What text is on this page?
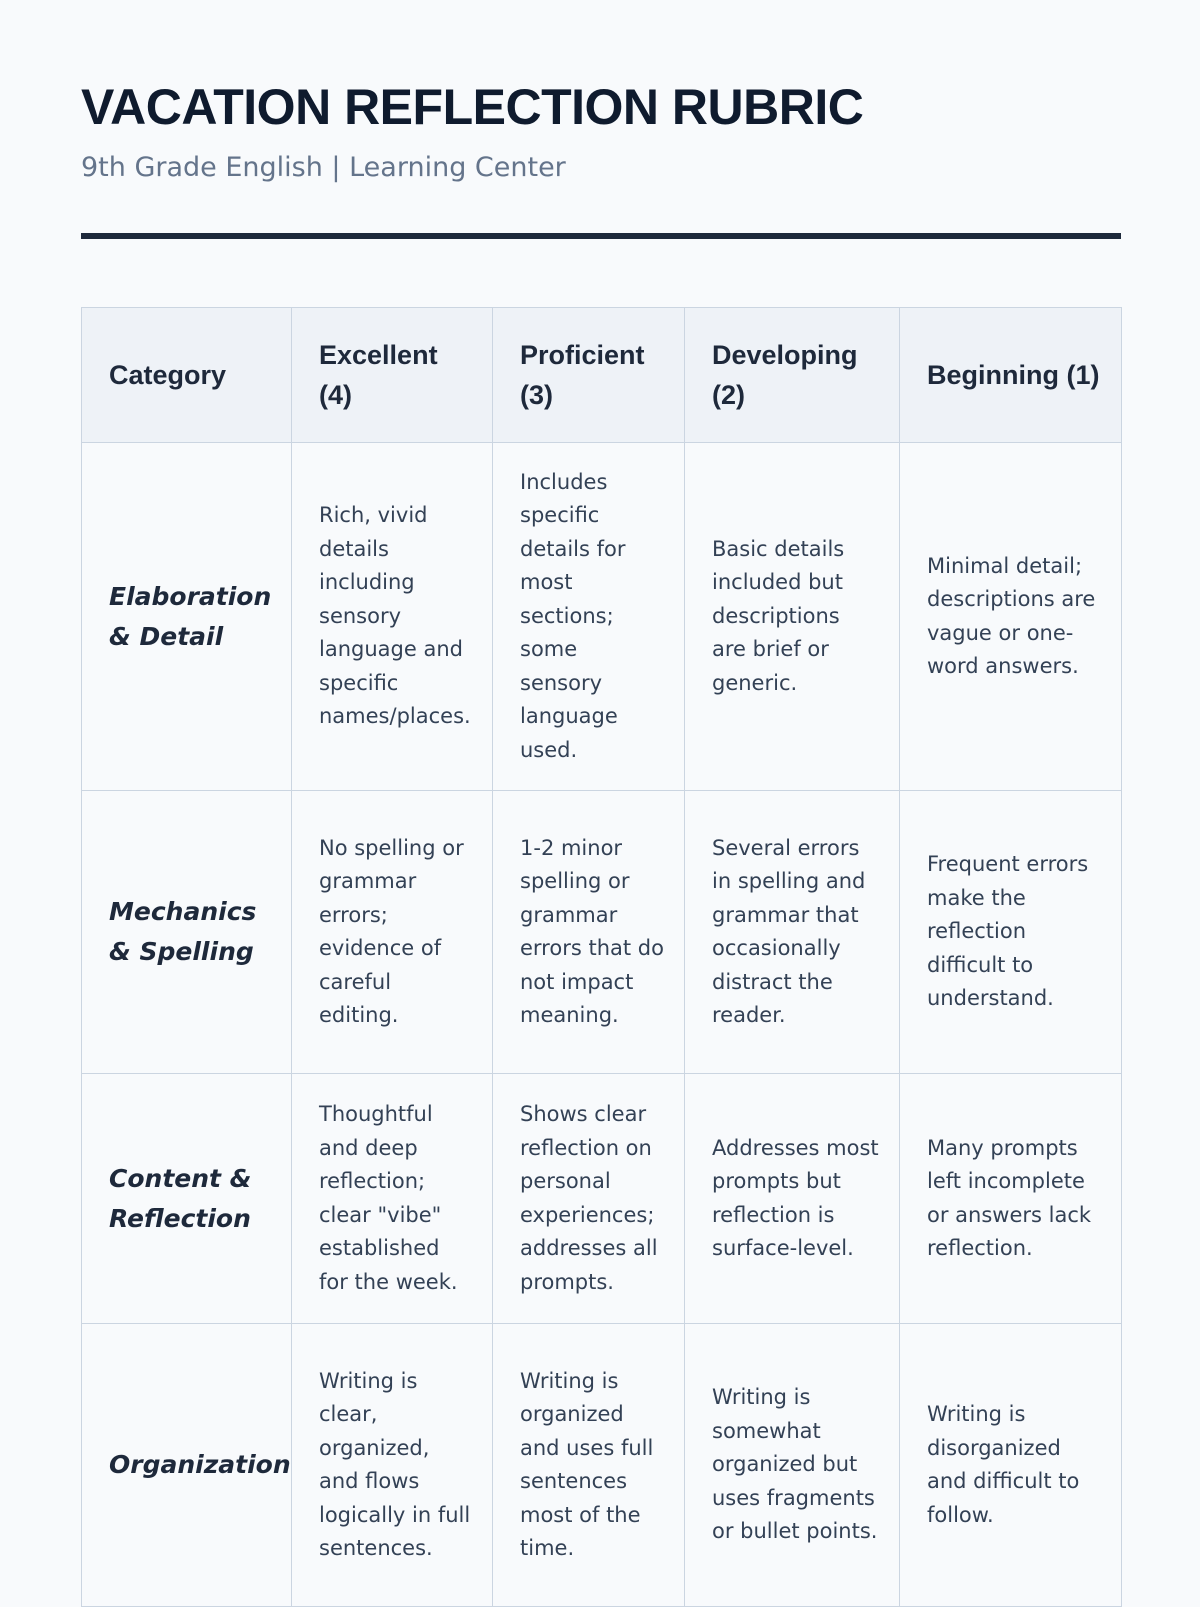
VACATION REFLECTION RUBRIC
9th Grade English | Learning Center
Category	Excellent (4)	Proficient (3)	Developing (2)	Beginning (1)
Elaboration & Detail	Rich, vivid details including sensory language and specific names/places.	Includes specific details for most sections; some sensory language used.	Basic details included but descriptions are brief or generic.	Minimal detail; descriptions are vague or one-word answers.
Mechanics & Spelling	No spelling or grammar errors; evidence of careful editing.	1-2 minor spelling or grammar errors that do not impact meaning.	Several errors in spelling and grammar that occasionally distract the reader.	Frequent errors make the reflection difficult to understand.
Content & Reflection	Thoughtful and deep reflection; clear "vibe" established for the week.	Shows clear reflection on personal experiences; addresses all prompts.	Addresses most prompts but reflection is surface-level.	Many prompts left incomplete or answers lack reflection.
Organization	Writing is clear, organized, and flows logically in full sentences.	Writing is organized and uses full sentences most of the time.	Writing is somewhat organized but uses fragments or bullet points.	Writing is disorganized and difficult to follow.
